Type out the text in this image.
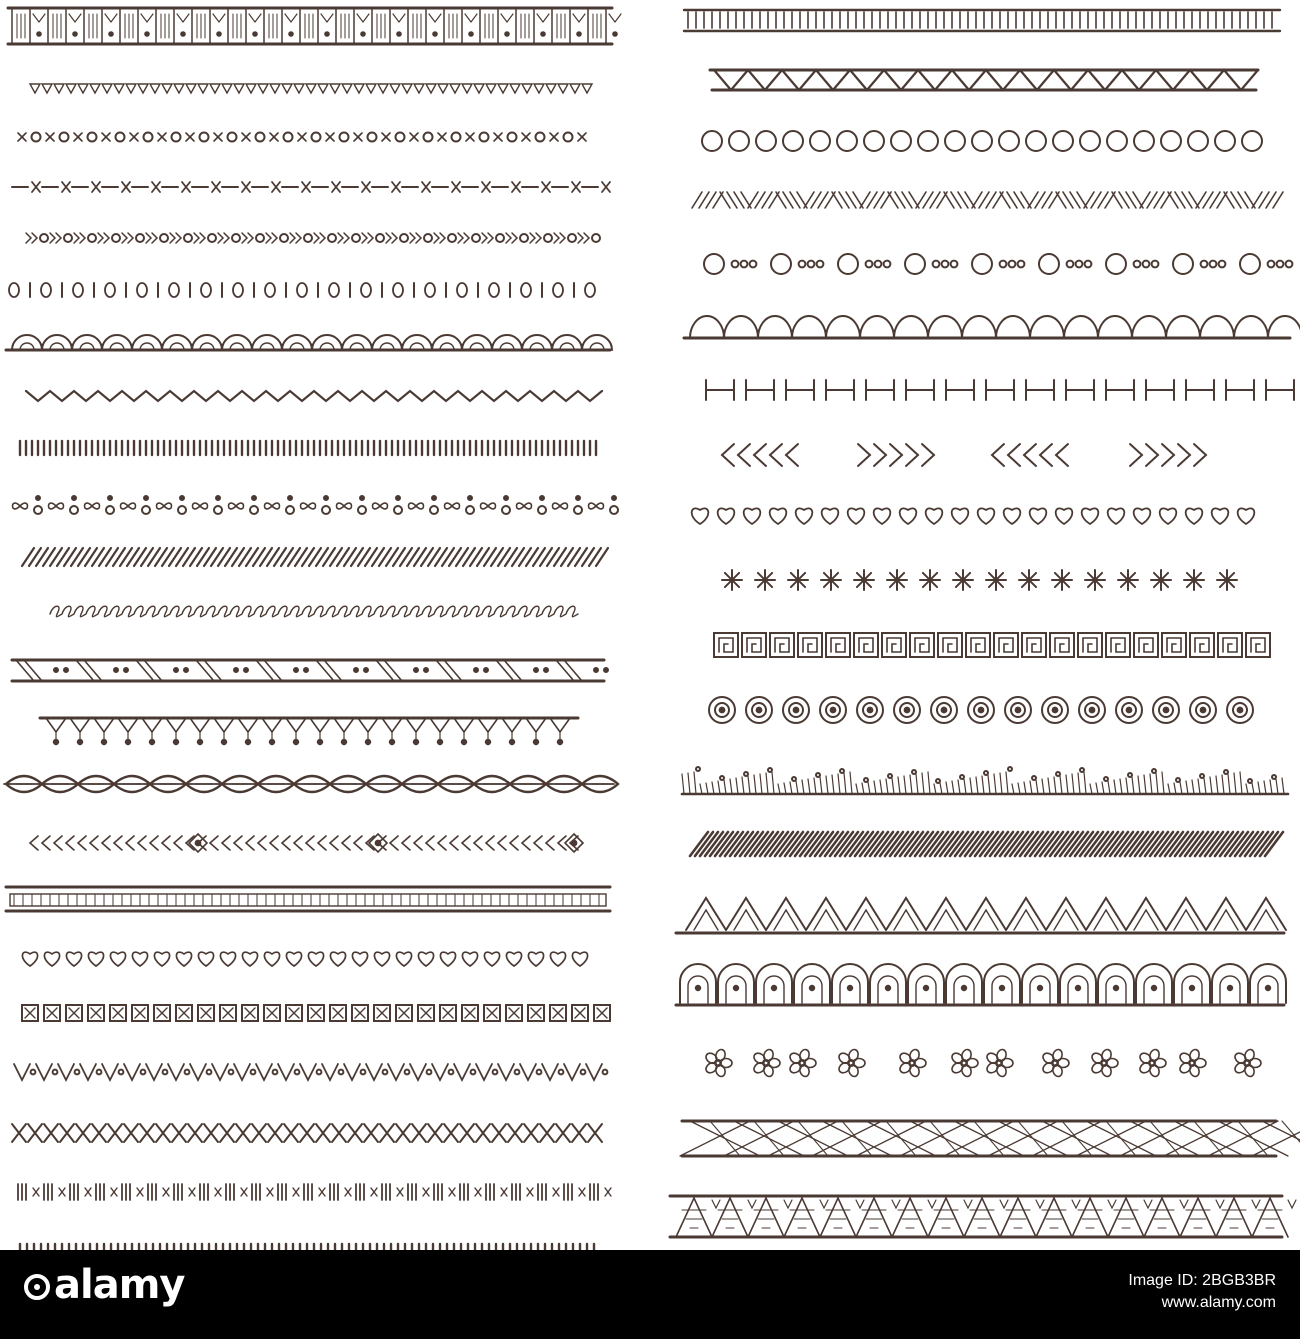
alamy	Image ID: 2BGB3BR
www.alamy.com
